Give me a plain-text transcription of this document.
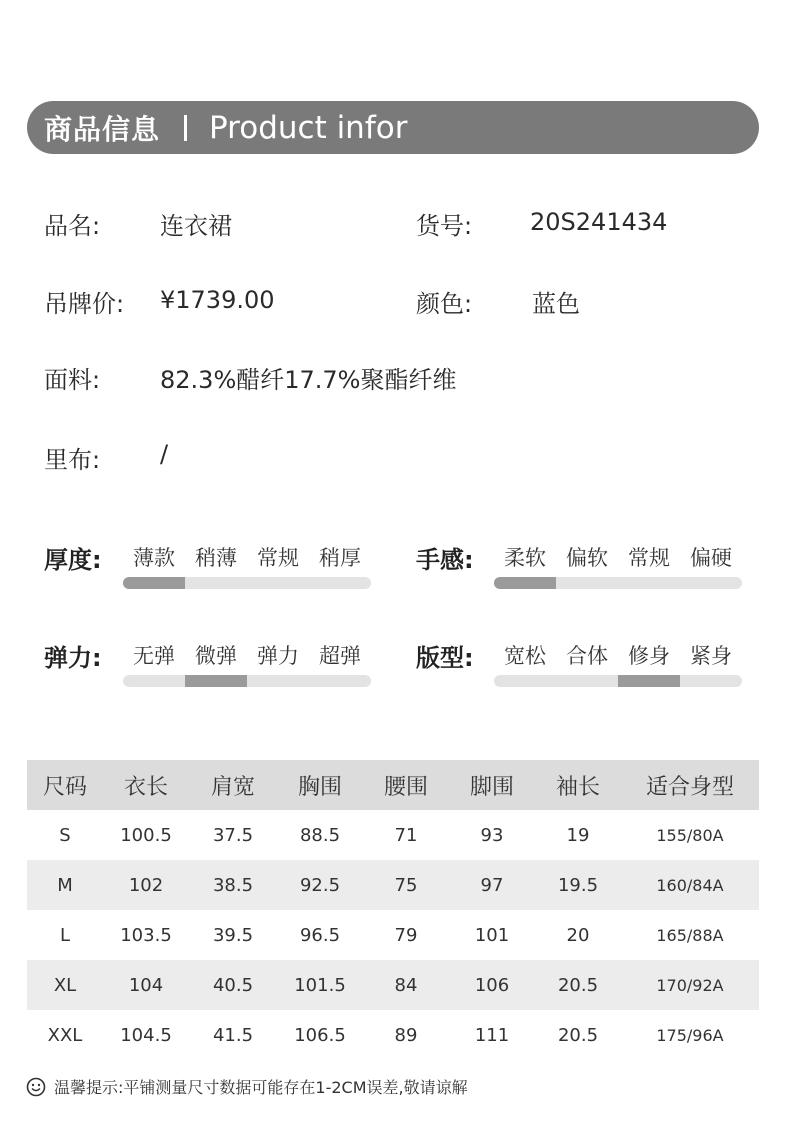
商品信息 Product infor
品名: 连衣裙	货号: 20S241434
吊牌价: ¥1739.00	颜色: 蓝色
面料: 82.3%醋纤17.7%聚酯纤维
里布: /
厚度:	薄款 稍薄 常规 稍厚 手感:	柔软 偏软 常规 偏硬
弹力:	无弹 微弹 弹力 超弹 版型:	宽松 合体 修身 紧身
尺码	衣长	肩宽	胸围	腰围	脚围	袖长	适合身型
S	100.5	37.5	88.5	71	93	19	155/80A
M	102	38.5	92.5	75	97	19.5	160/84A
L	103.5	39.5	96.5	79	101	20	165/88A
XL	104	40.5	101.5	84	106	20.5	170/92A
XXL	104.5	41.5	106.5	89	111	20.5	175/96A
温馨提示:平铺测量尺寸数据可能存在1-2CM误差,敬请谅解
